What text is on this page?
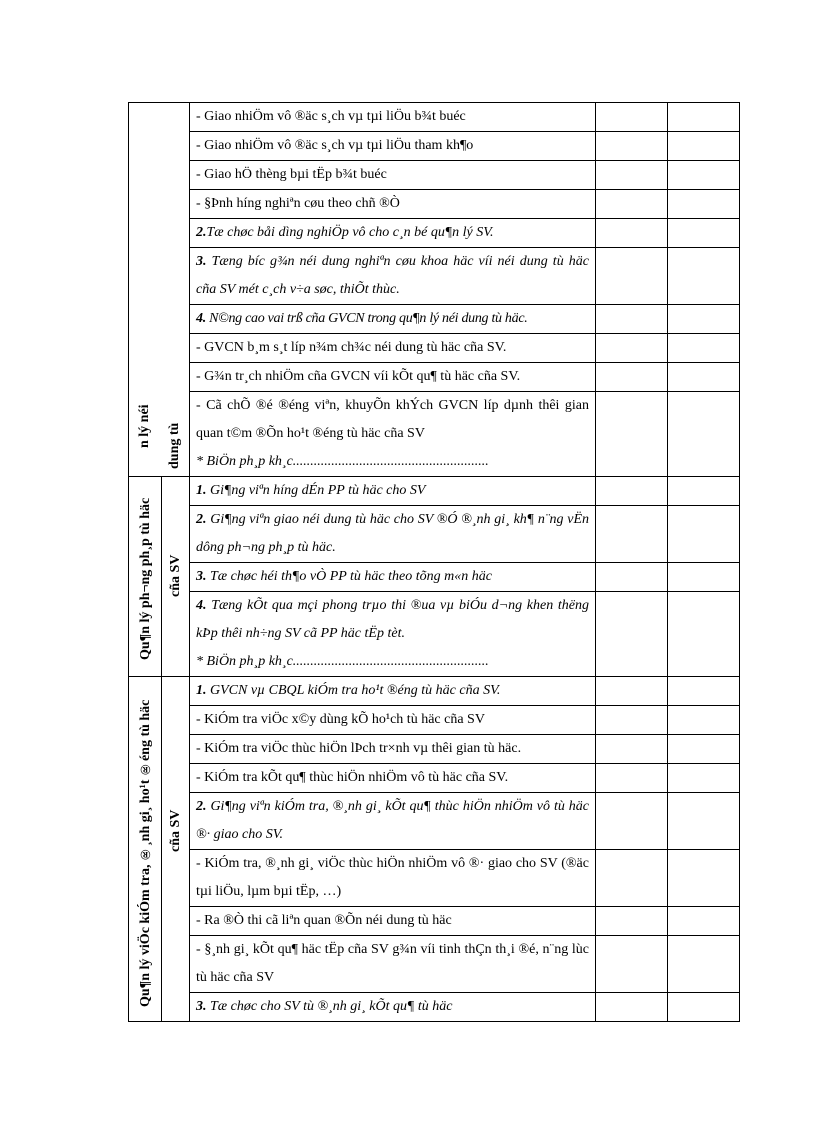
n lý néi dung tù		- Giao nhiÖm vô ®äc s¸ch vµ tµi liÖu b¾t buéc		
		- Giao nhiÖm vô ®äc s¸ch vµ tµi liÖu tham kh¶o		
		- Giao hÖ thèng bµi tËp b¾t buéc		
		- §Þnh híng nghiªn cøu theo chñ ®Ò		
		2.Tæ chøc båi dìng nghiÖp vô cho c¸n bé qu¶n lý SV.		
		3. Tæng bíc g¾n néi dung nghiªn cøu khoa häc víi néi dung tù häc cña SV mét c¸ch v÷a søc, thiÕt thùc.		
		4. N©ng cao vai trß cña GVCN trong qu¶n lý néi dung tù häc.		
		- GVCN b¸m s¸t líp n¾m ch¾c néi dung tù häc cña SV.		
		- G¾n tr¸ch nhiÖm cña GVCN víi kÕt qu¶ tù häc cña SV.		
		- Cã chÕ ®é ®éng viªn, khuyÕn khÝch GVCN líp dµnh thêi gian quan t©m ®Õn ho¹t ®éng tù häc cña SV
* BiÖn ph¸p kh¸c........................................................		

Qu¶n lý ph¬ng ph¸p tù häc	cña SV	1. Gi¶ng viªn híng dÉn PP tù häc cho SV		
		2. Gi¶ng viªn giao néi dung tù häc cho SV ®Ó ®¸nh gi¸ kh¶ n¨ng vËn dông ph¬ng ph¸p tù häc.		
		3. Tæ chøc héi th¶o vÒ PP tù häc theo tõng m«n häc		
		4. Tæng kÕt qua mçi phong trµo thi ®ua vµ biÓu d¬ng khen thëng kÞp thêi nh÷ng SV cã PP häc tËp tèt.
* BiÖn ph¸p kh¸c........................................................		

Qu¶n lý viÖc kiÓm tra, ®¸nh gi¸ ho¹t ®éng tù häc	cña SV	1. GVCN vµ CBQL kiÓm tra ho¹t ®éng tù häc cña SV.		
		- KiÓm tra viÖc x©y dùng kÕ ho¹ch tù häc cña SV		
		- KiÓm tra viÖc thùc hiÖn lÞch tr×nh vµ thêi gian tù häc.		
		- KiÓm tra kÕt qu¶ thùc hiÖn nhiÖm vô tù häc cña SV.		
		2. Gi¶ng viªn kiÓm tra, ®¸nh gi¸ kÕt qu¶ thùc hiÖn nhiÖm vô tù häc ®· giao cho SV.		
		- KiÓm tra, ®¸nh gi¸ viÖc thùc hiÖn nhiÖm vô ®· giao cho SV (®äc tµi liÖu, lµm bµi tËp, …)		
		- Ra ®Ò thi cã liªn quan ®Õn néi dung tù häc		
		- §¸nh gi¸ kÕt qu¶ häc tËp cña SV g¾n víi tinh thÇn th¸i ®é, n¨ng lùc tù häc cña SV		
		3. Tæ chøc cho SV tù ®¸nh gi¸ kÕt qu¶ tù häc		
